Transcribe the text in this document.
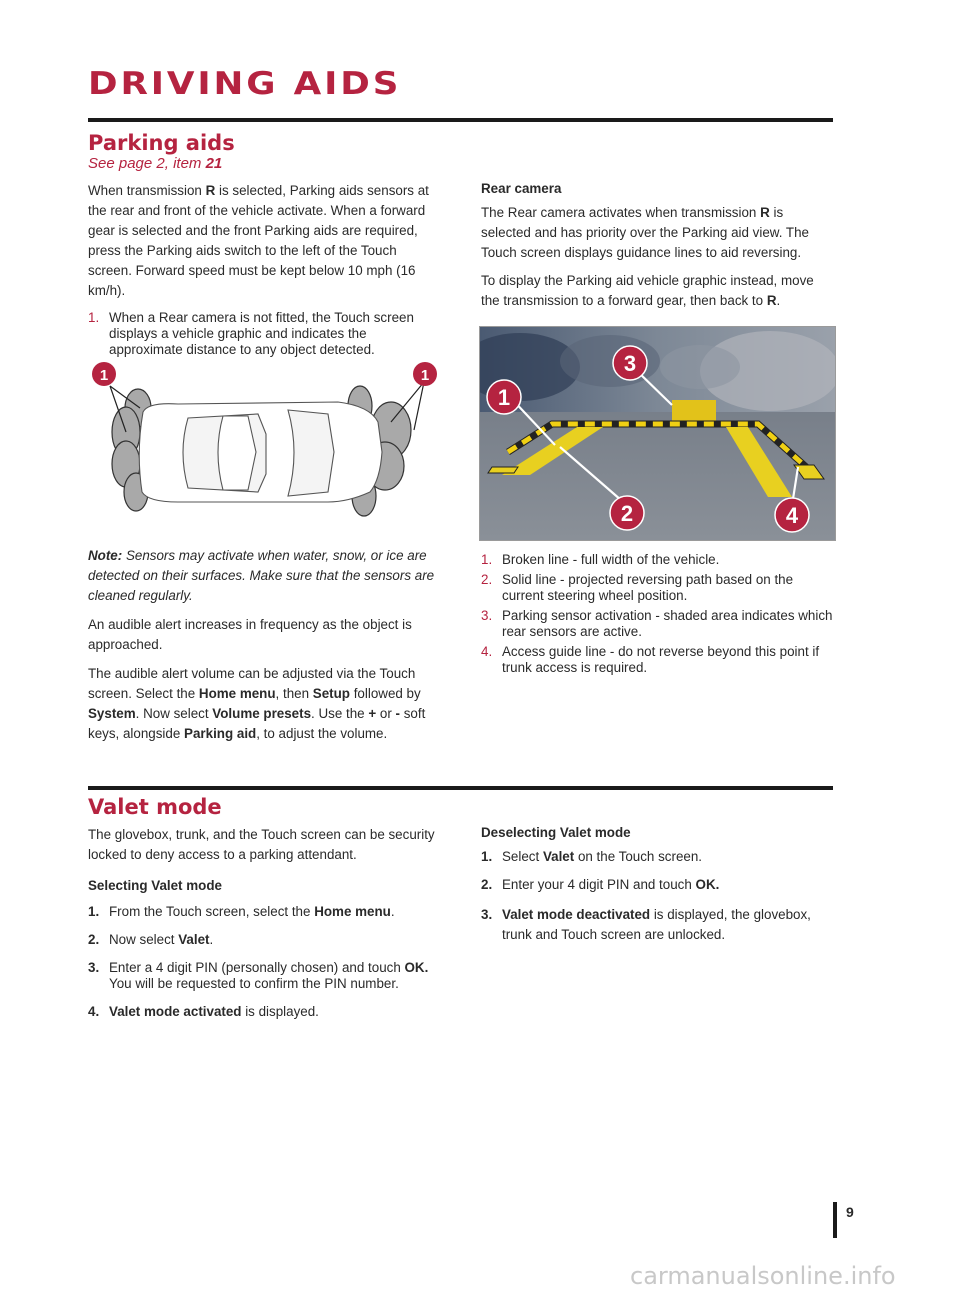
DRIVING AIDS
Parking aids
See page 2, item 21

When transmission R is selected, Parking aids sensors at the rear and front of the vehicle activate. When a forward gear is selected and the front Parking aids are required, press the Parking aids switch to the left of the Touch screen. Forward speed must be kept below 10 mph (16 km/h).

1. When a Rear camera is not fitted, the Touch screen displays a vehicle graphic and indicates the approximate distance to any object detected.
1	1

Note: Sensors may activate when water, snow, or ice are detected on their surfaces. Make sure that the sensors are cleaned regularly.

An audible alert increases in frequency as the object is approached.

The audible alert volume can be adjusted via the Touch screen. Select the Home menu, then Setup followed by System. Now select Volume presets. Use the + or - soft keys, alongside Parking aid, to adjust the volume.

Rear camera

The Rear camera activates when transmission R is selected and has priority over the Parking aid view. The Touch screen displays guidance lines to aid reversing.

To display the Parking aid vehicle graphic instead, move the transmission to a forward gear, then back to R.

1
2
3
4
1. Broken line - full width of the vehicle.
2. Solid line - projected reversing path based on the current steering wheel position.
3. Parking sensor activation - shaded area indicates which rear sensors are active.
4. Access guide line - do not reverse beyond this point if trunk access is required.
Valet mode

The glovebox, trunk, and the Touch screen can be security locked to deny access to a parking attendant.

Selecting Valet mode

1. From the Touch screen, select the Home menu.
2. Now select Valet.
3. Enter a 4 digit PIN (personally chosen) and touch OK. You will be requested to confirm the PIN number.
4. Valet mode activated is displayed.

Deselecting Valet mode

1. Select Valet on the Touch screen.
2. Enter your 4 digit PIN and touch OK.
3. Valet mode deactivated is displayed, the glovebox, trunk and Touch screen are unlocked.
9
carmanualsonline.info
